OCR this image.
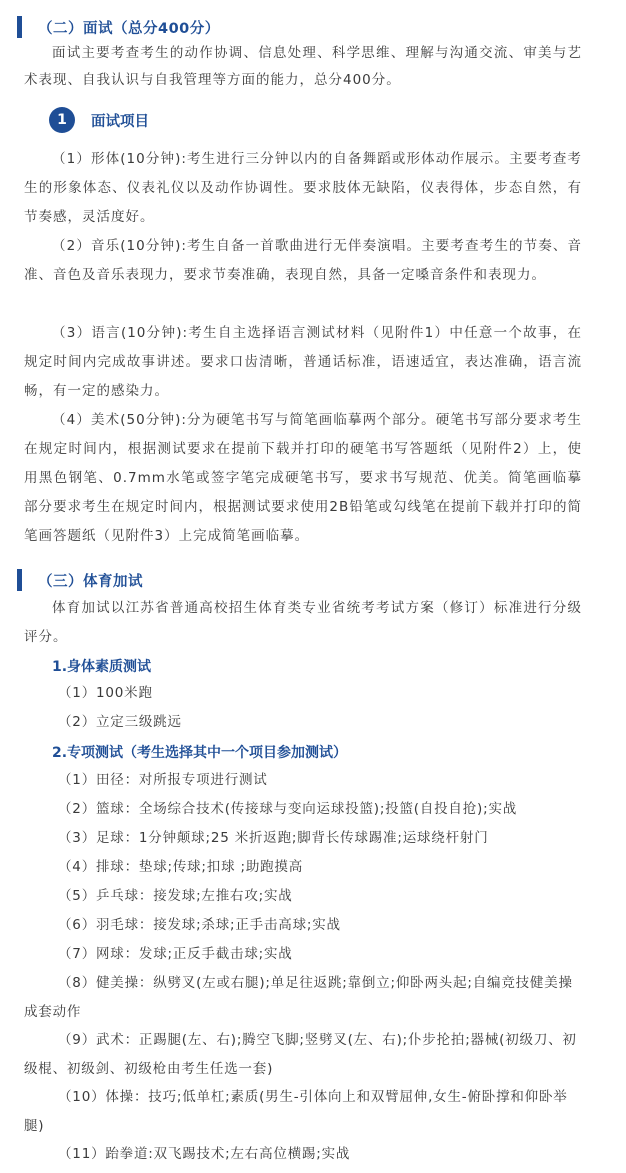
（二）面试（总分400分）

面试主要考查考生的动作协调、信息处理、科学思维、理解与沟通交流、审美与艺术表现、自我认识与自我管理等方面的能力，总分400分。

1	面试项目

（1）形体(10分钟):考生进行三分钟以内的自备舞蹈或形体动作展示。主要考查考生的形象体态、仪表礼仪以及动作协调性。要求肢体无缺陷，仪表得体，步态自然，有节奏感，灵活度好。

（2）音乐(10分钟):考生自备一首歌曲进行无伴奏演唱。主要考查考生的节奏、音准、音色及音乐表现力，要求节奏准确，表现自然，具备一定嗓音条件和表现力。

（3）语言(10分钟):考生自主选择语言测试材料（见附件1）中任意一个故事，在规定时间内完成故事讲述。要求口齿清晰，普通话标准，语速适宜，表达准确，语言流畅，有一定的感染力。

（4）美术(50分钟):分为硬笔书写与简笔画临摹两个部分。硬笔书写部分要求考生在规定时间内，根据测试要求在提前下载并打印的硬笔书写答题纸（见附件2）上，使用黑色钢笔、0.7mm水笔或签字笔完成硬笔书写，要求书写规范、优美。简笔画临摹部分要求考生在规定时间内，根据测试要求使用2B铅笔或勾线笔在提前下载并打印的简笔画答题纸（见附件3）上完成简笔画临摹。

（三）体育加试

体育加试以江苏省普通高校招生体育类专业省统考考试方案（修订）标准进行分级评分。

1.身体素质测试

（1）100米跑

（2）立定三级跳远

2.专项测试（考生选择其中一个项目参加测试）

（1）田径：对所报专项进行测试

（2）篮球：全场综合技术(传接球与变向运球投篮);投篮(自投自抢);实战

（3）足球：1分钟颠球;25 米折返跑;脚背长传球踢准;运球绕杆射门

（4）排球：垫球;传球;扣球 ;助跑摸高

（5）乒乓球：接发球;左推右攻;实战

（6）羽毛球：接发球;杀球;正手击高球;实战

（7）网球：发球;正反手截击球;实战

（8）健美操：纵劈叉(左或右腿);单足往返跳;靠倒立;仰卧两头起;自编竞技健美操成套动作

（9）武术：正踢腿(左、右);腾空飞脚;竖劈叉(左、右);仆步抡拍;器械(初级刀、初级棍、初级剑、初级枪由考生任选一套)

（10）体操：技巧;低单杠;素质(男生-引体向上和双臂屈伸,女生-俯卧撑和仰卧举腿)

（11）跆拳道:双飞踢技术;左右高位横踢;实战
